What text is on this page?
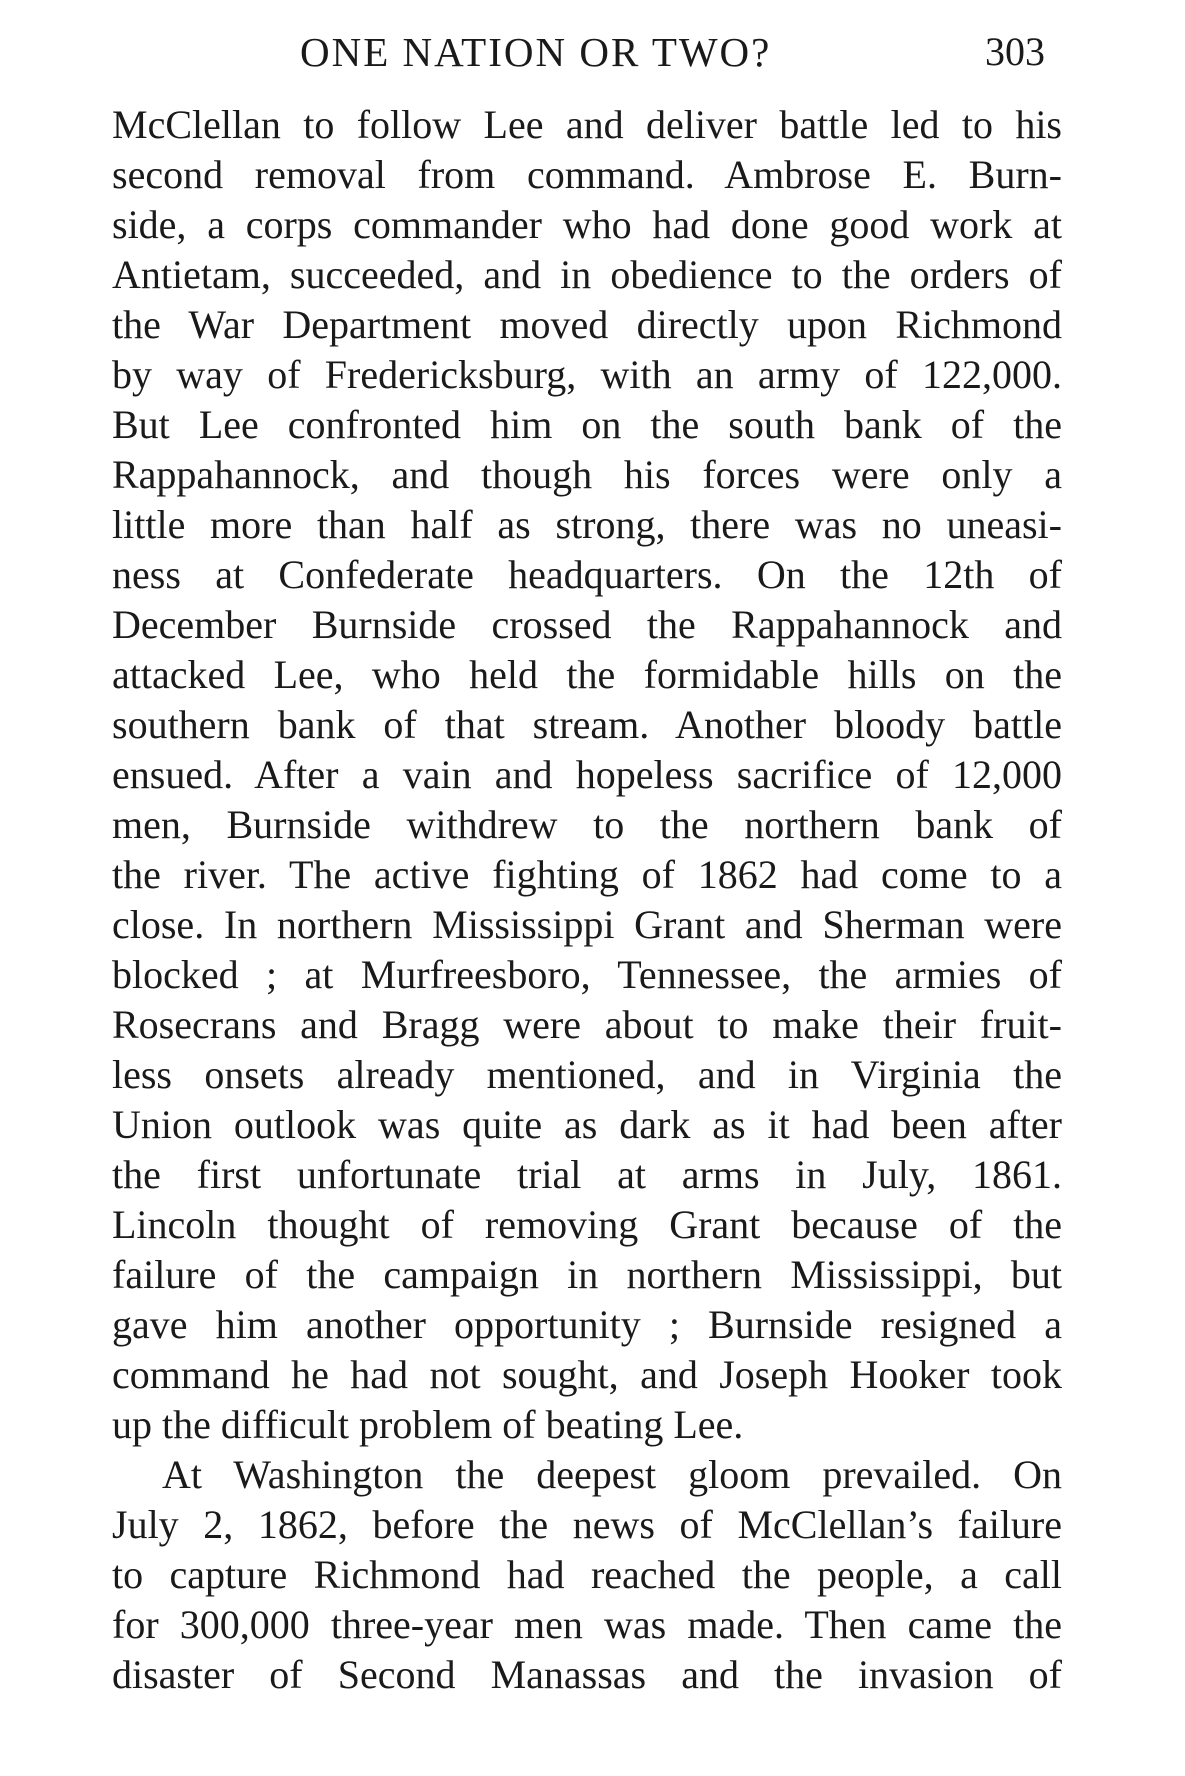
ONE NATION OR TWO?	303
McClellan to follow Lee and deliver battle led to his
second removal from command. Ambrose E. Burn-
side, a corps commander who had done good work at
Antietam, succeeded, and in obedience to the orders of
the War Department moved directly upon Richmond
by way of Fredericksburg, with an army of 122,000.
But Lee confronted him on the south bank of the
Rappahannock, and though his forces were only a
little more than half as strong, there was no uneasi-
ness at Confederate headquarters. On the 12th of
December Burnside crossed the Rappahannock and
attacked Lee, who held the formidable hills on the
southern bank of that stream. Another bloody battle
ensued. After a vain and hopeless sacrifice of 12,000
men, Burnside withdrew to the northern bank of
the river. The active fighting of 1862 had come to a
close. In northern Mississippi Grant and Sherman were
blocked ; at Murfreesboro, Tennessee, the armies of
Rosecrans and Bragg were about to make their fruit-
less onsets already mentioned, and in Virginia the
Union outlook was quite as dark as it had been after
the first unfortunate trial at arms in July, 1861.
Lincoln thought of removing Grant because of the
failure of the campaign in northern Mississippi, but
gave him another opportunity ; Burnside resigned a
command he had not sought, and Joseph Hooker took
up the difficult problem of beating Lee.
At Washington the deepest gloom prevailed. On
July 2, 1862, before the news of McClellan’s failure
to capture Richmond had reached the people, a call
for 300,000 three-year men was made. Then came the
disaster of Second Manassas and the invasion of
